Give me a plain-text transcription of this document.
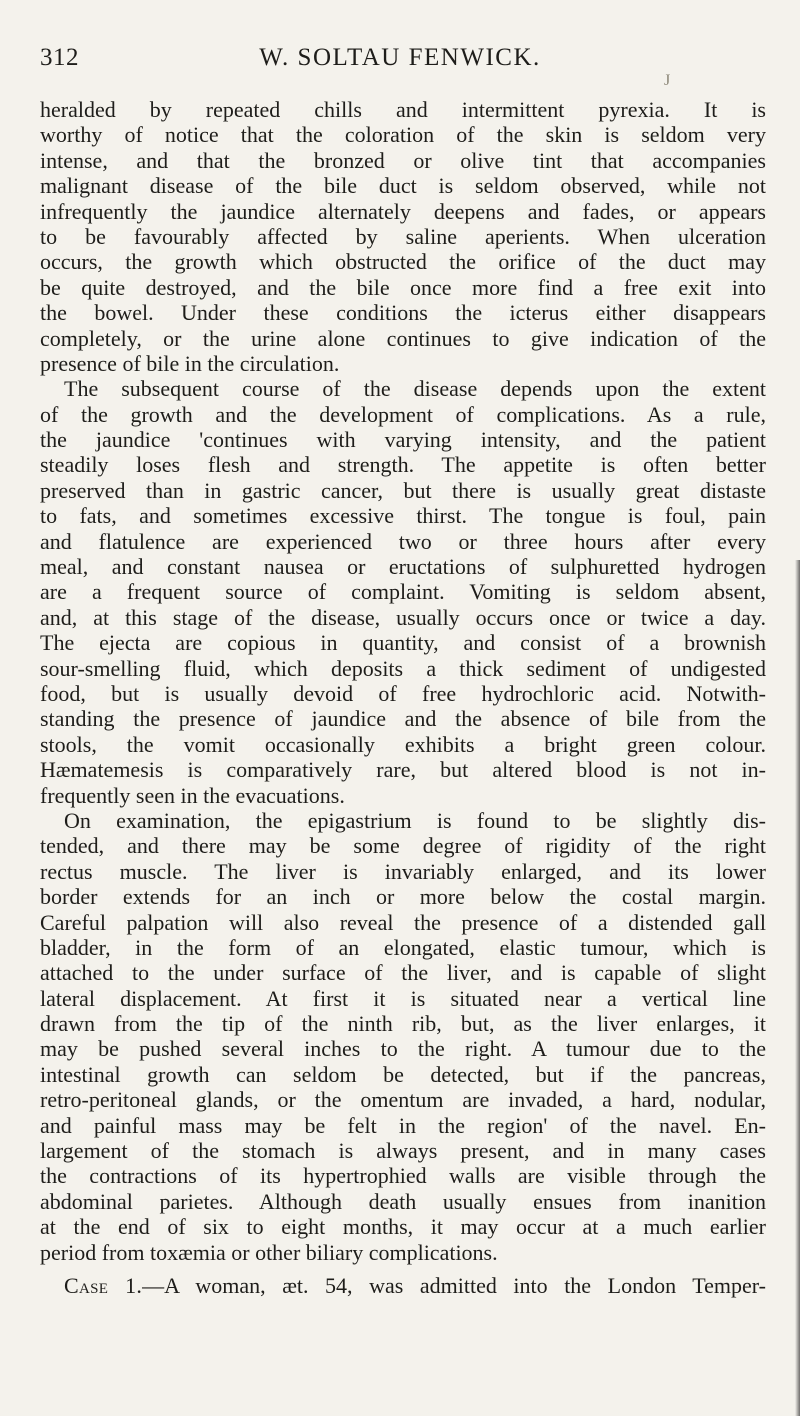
312	W. SOLTAU FENWICK.
J
heralded by repeated chills and intermittent pyrexia. It is
worthy of notice that the coloration of the skin is seldom very
intense, and that the bronzed or olive tint that accompanies
malignant disease of the bile duct is seldom observed, while not
infrequently the jaundice alternately deepens and fades, or appears
to be favourably affected by saline aperients. When ulceration
occurs, the growth which obstructed the orifice of the duct may
be quite destroyed, and the bile once more find a free exit into
the bowel. Under these conditions the icterus either disappears
completely, or the urine alone continues to give indication of the
presence of bile in the circulation.
The subsequent course of the disease depends upon the extent
of the growth and the development of complications. As a rule,
the jaundice 'continues with varying intensity, and the patient
steadily loses flesh and strength. The appetite is often better
preserved than in gastric cancer, but there is usually great distaste
to fats, and sometimes excessive thirst. The tongue is foul, pain
and flatulence are experienced two or three hours after every
meal, and constant nausea or eructations of sulphuretted hydrogen
are a frequent source of complaint. Vomiting is seldom absent,
and, at this stage of the disease, usually occurs once or twice a day.
The ejecta are copious in quantity, and consist of a brownish
sour-smelling fluid, which deposits a thick sediment of undigested
food, but is usually devoid of free hydrochloric acid. Notwith-
standing the presence of jaundice and the absence of bile from the
stools, the vomit occasionally exhibits a bright green colour.
Hæmatemesis is comparatively rare, but altered blood is not in-
frequently seen in the evacuations.
On examination, the epigastrium is found to be slightly dis-
tended, and there may be some degree of rigidity of the right
rectus muscle. The liver is invariably enlarged, and its lower
border extends for an inch or more below the costal margin.
Careful palpation will also reveal the presence of a distended gall
bladder, in the form of an elongated, elastic tumour, which is
attached to the under surface of the liver, and is capable of slight
lateral displacement. At first it is situated near a vertical line
drawn from the tip of the ninth rib, but, as the liver enlarges, it
may be pushed several inches to the right. A tumour due to the
intestinal growth can seldom be detected, but if the pancreas,
retro-peritoneal glands, or the omentum are invaded, a hard, nodular,
and painful mass may be felt in the region' of the navel. En-
largement of the stomach is always present, and in many cases
the contractions of its hypertrophied walls are visible through the
abdominal parietes. Although death usually ensues from inanition
at the end of six to eight months, it may occur at a much earlier
period from toxæmia or other biliary complications.
Case 1.—A woman, æt. 54, was admitted into the London Temper-
